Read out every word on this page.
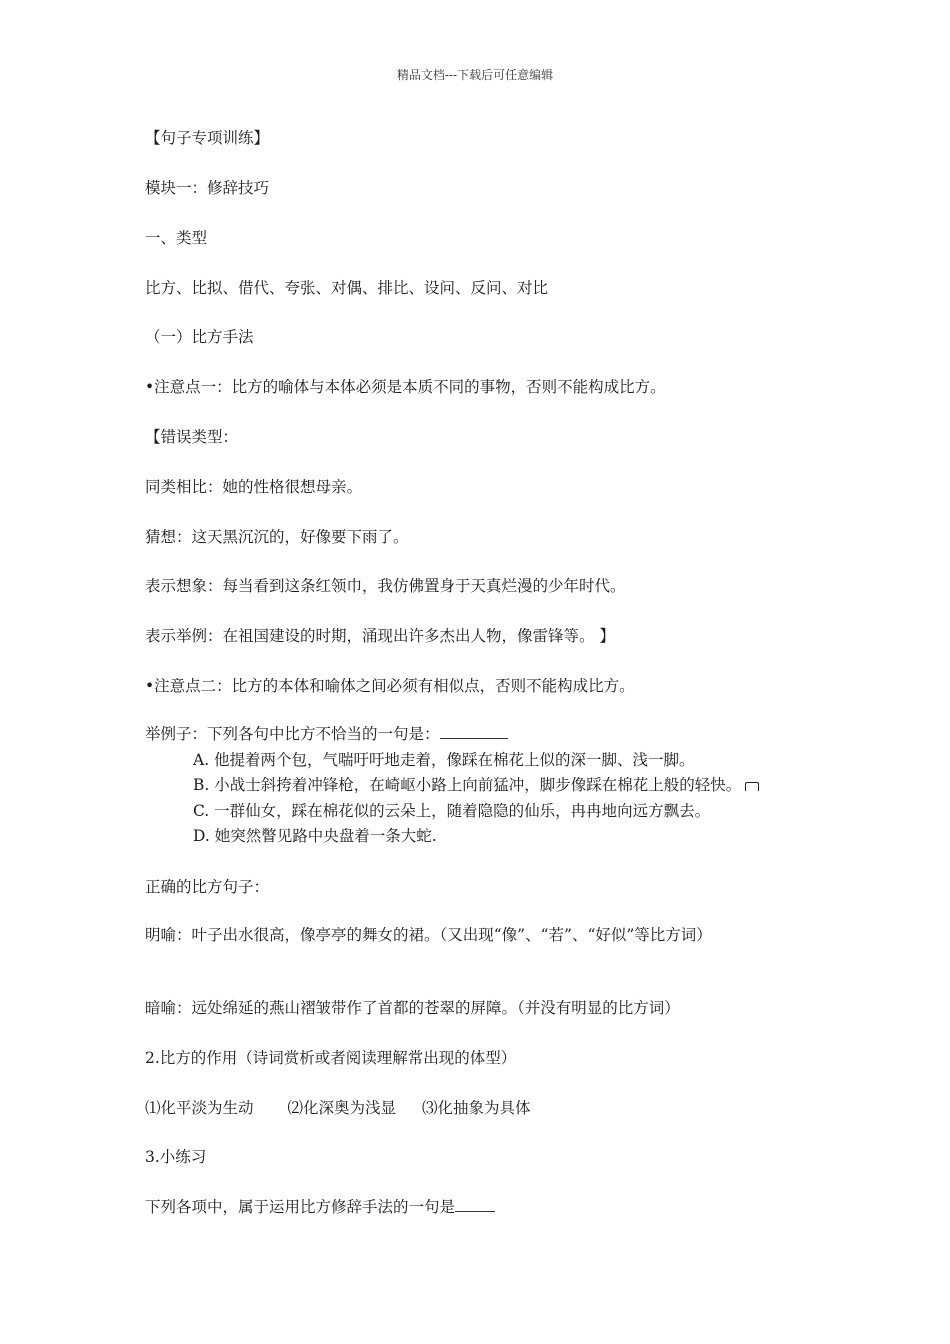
精品文档---下载后可任意编辑
【句子专项训练】
模块一：修辞技巧
一、类型
比方、比拟、借代、夸张、对偶、排比、设问、反问、对比
（一）比方手法
•注意点一：比方的喻体与本体必须是本质不同的事物，否则不能构成比方。
【错误类型：
同类相比：她的性格很想母亲。
猜想：这天黑沉沉的，好像要下雨了。
表示想象：每当看到这条红领巾，我仿佛置身于天真烂漫的少年时代。
表示举例：在祖国建设的时期，涌现出许多杰出人物，像雷锋等。 】
•注意点二：比方的本体和喻体之间必须有相似点，否则不能构成比方。
举例子：下列各句中比方不恰当的一句是：
A. 他提着两个包，气喘吁吁地走着，像踩在棉花上似的深一脚、浅一脚。
B. 小战士斜挎着冲锋枪，在崎岖小路上向前猛冲，脚步像踩在棉花上般的轻快。
C. 一群仙女，踩在棉花似的云朵上，随着隐隐的仙乐，冉冉地向远方飘去。
D. 她突然瞥见路中央盘着一条大蛇.
正确的比方句子：
明喻：叶子出水很高，像亭亭的舞女的裙。（又出现“像”、“若”、“好似”等比方词）
暗喻：远处绵延的燕山褶皱带作了首都的苍翠的屏障。（并没有明显的比方词）
2.比方的作用（诗词赏析或者阅读理解常出现的体型）
⑴化平淡为生动 ⑵化深奥为浅显 ⑶化抽象为具体
3.小练习
下列各项中，属于运用比方修辞手法的一句是
